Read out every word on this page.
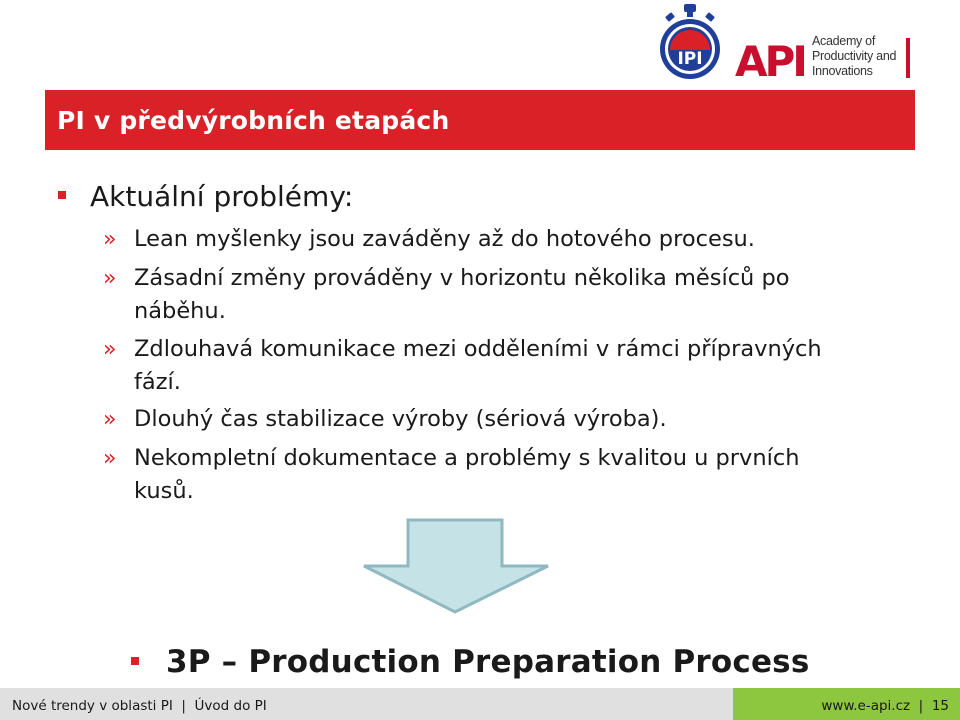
IPI API Academy of
Productivity and
Innovations
PI v předvýrobních etapách
Aktuální problémy:
» Lean myšlenky jsou zaváděny až do hotového procesu.
» Zásadní změny prováděny v horizontu několika měsíců po náběhu.
» Zdlouhavá komunikace mezi odděleními v rámci přípravných fází.
» Dlouhý čas stabilizace výroby (sériová výroba).
» Nekompletní dokumentace a problémy s kvalitou u prvních kusů.
3P – Production Preparation Process
Nové trendy v oblasti PI  |  Úvod do PI	www.e-api.cz  |  15
